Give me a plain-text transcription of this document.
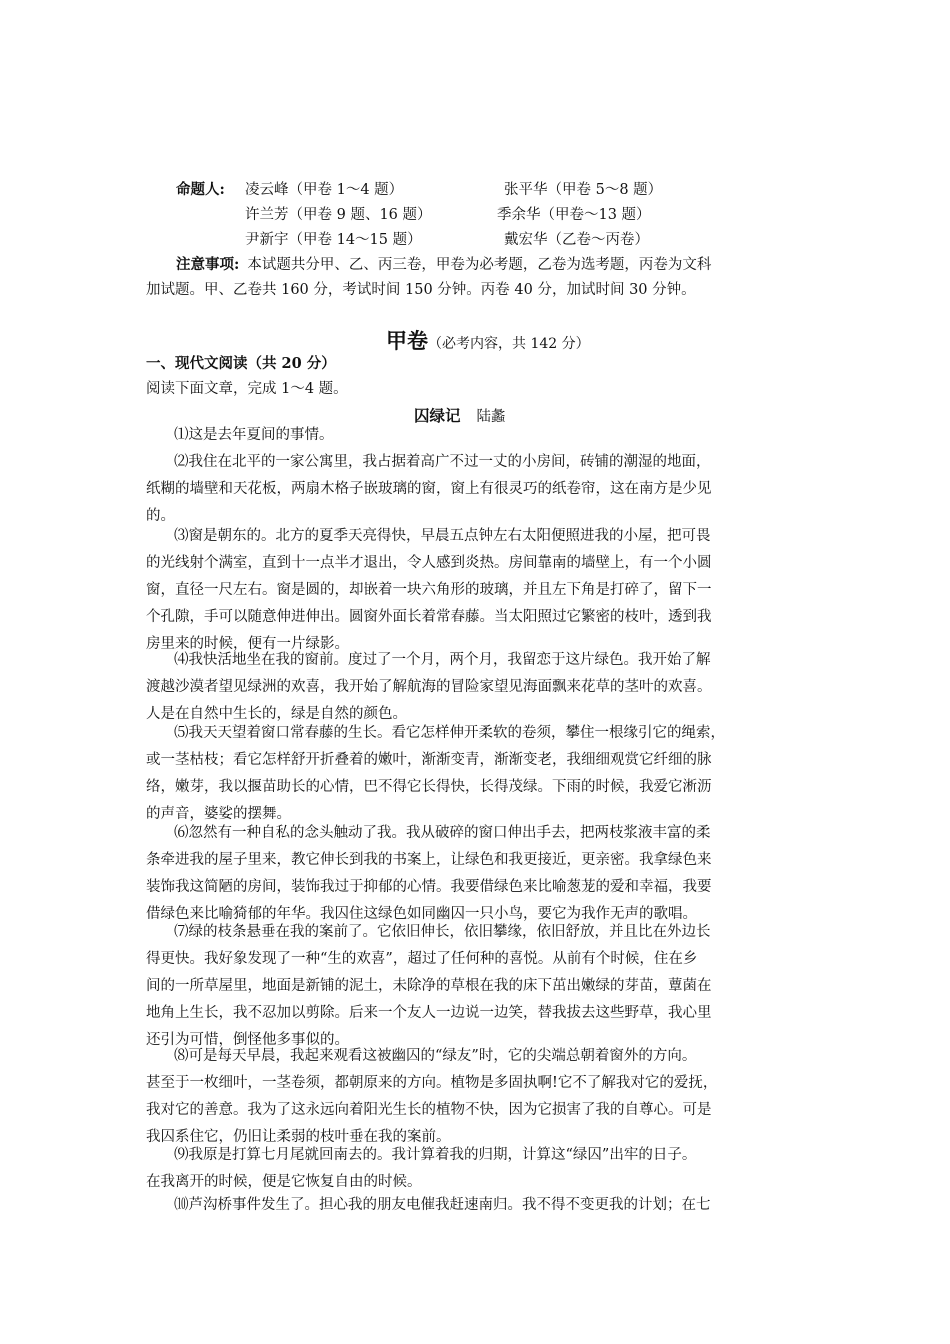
命题人: 凌云峰（甲卷 1～4 题）	张平华（甲卷 5～8 题）
许兰芳（甲卷 9 题、16 题）	季余华（甲卷～13 题）
尹新宇（甲卷 14～15 题）	戴宏华（乙卷～丙卷）
注意事项: 本试题共分甲、乙、丙三卷，甲卷为必考题，乙卷为选考题，丙卷为文科
加试题。甲、乙卷共 160 分，考试时间 150 分钟。丙卷 40 分，加试时间 30 分钟。
甲卷（必考内容，共 142 分）
一、现代文阅读（共 20 分）
阅读下面文章，完成 1～4 题。
囚绿记 陆蠡
⑴这是去年夏间的事情。
⑵我住在北平的一家公寓里，我占据着高广不过一丈的小房间，砖铺的潮湿的地面，
纸糊的墙壁和天花板，两扇木格子嵌玻璃的窗，窗上有很灵巧的纸卷帘，这在南方是少见
的。
⑶窗是朝东的。北方的夏季天亮得快，早晨五点钟左右太阳便照进我的小屋，把可畏
的光线射个满室，直到十一点半才退出，令人感到炎热。房间靠南的墙壁上，有一个小圆
窗，直径一尺左右。窗是圆的，却嵌着一块六角形的玻璃，并且左下角是打碎了，留下一
个孔隙，手可以随意伸进伸出。圆窗外面长着常春藤。当太阳照过它繁密的枝叶，透到我
房里来的时候，便有一片绿影。
⑷我快活地坐在我的窗前。度过了一个月，两个月，我留恋于这片绿色。我开始了解
渡越沙漠者望见绿洲的欢喜，我开始了解航海的冒险家望见海面飘来花草的茎叶的欢喜。
人是在自然中生长的，绿是自然的颜色。
⑸我天天望着窗口常春藤的生长。看它怎样伸开柔软的卷须，攀住一根缘引它的绳索，
或一茎枯枝；看它怎样舒开折叠着的嫩叶，渐渐变青，渐渐变老，我细细观赏它纤细的脉
络，嫩芽，我以揠苗助长的心情，巴不得它长得快，长得茂绿。下雨的时候，我爱它淅沥
的声音，婆娑的摆舞。
⑹忽然有一种自私的念头触动了我。我从破碎的窗口伸出手去，把两枝浆液丰富的柔
条牵进我的屋子里来，教它伸长到我的书案上，让绿色和我更接近，更亲密。我拿绿色来
装饰我这简陋的房间，装饰我过于抑郁的心情。我要借绿色来比喻葱茏的爱和幸福，我要
借绿色来比喻猗郁的年华。我囚住这绿色如同幽囚一只小鸟，要它为我作无声的歌唱。
⑺绿的枝条悬垂在我的案前了。它依旧伸长，依旧攀缘，依旧舒放，并且比在外边长
得更快。我好象发现了一种“生的欢喜”，超过了任何种的喜悦。从前有个时候，住在乡
间的一所草屋里，地面是新铺的泥土，未除净的草根在我的床下茁出嫩绿的芽苗，蕈菌在
地角上生长，我不忍加以剪除。后来一个友人一边说一边笑，替我拔去这些野草，我心里
还引为可惜，倒怪他多事似的。
⑻可是每天早晨，我起来观看这被幽囚的“绿友”时，它的尖端总朝着窗外的方向。
甚至于一枚细叶，一茎卷须，都朝原来的方向。植物是多固执啊!它不了解我对它的爱抚，
我对它的善意。我为了这永远向着阳光生长的植物不快，因为它损害了我的自尊心。可是
我囚系住它，仍旧让柔弱的枝叶垂在我的案前。
⑼我原是打算七月尾就回南去的。我计算着我的归期，计算这“绿囚”出牢的日子。
在我离开的时候，便是它恢复自由的时候。
⑽芦沟桥事件发生了。担心我的朋友电催我赶速南归。我不得不变更我的计划；在七
